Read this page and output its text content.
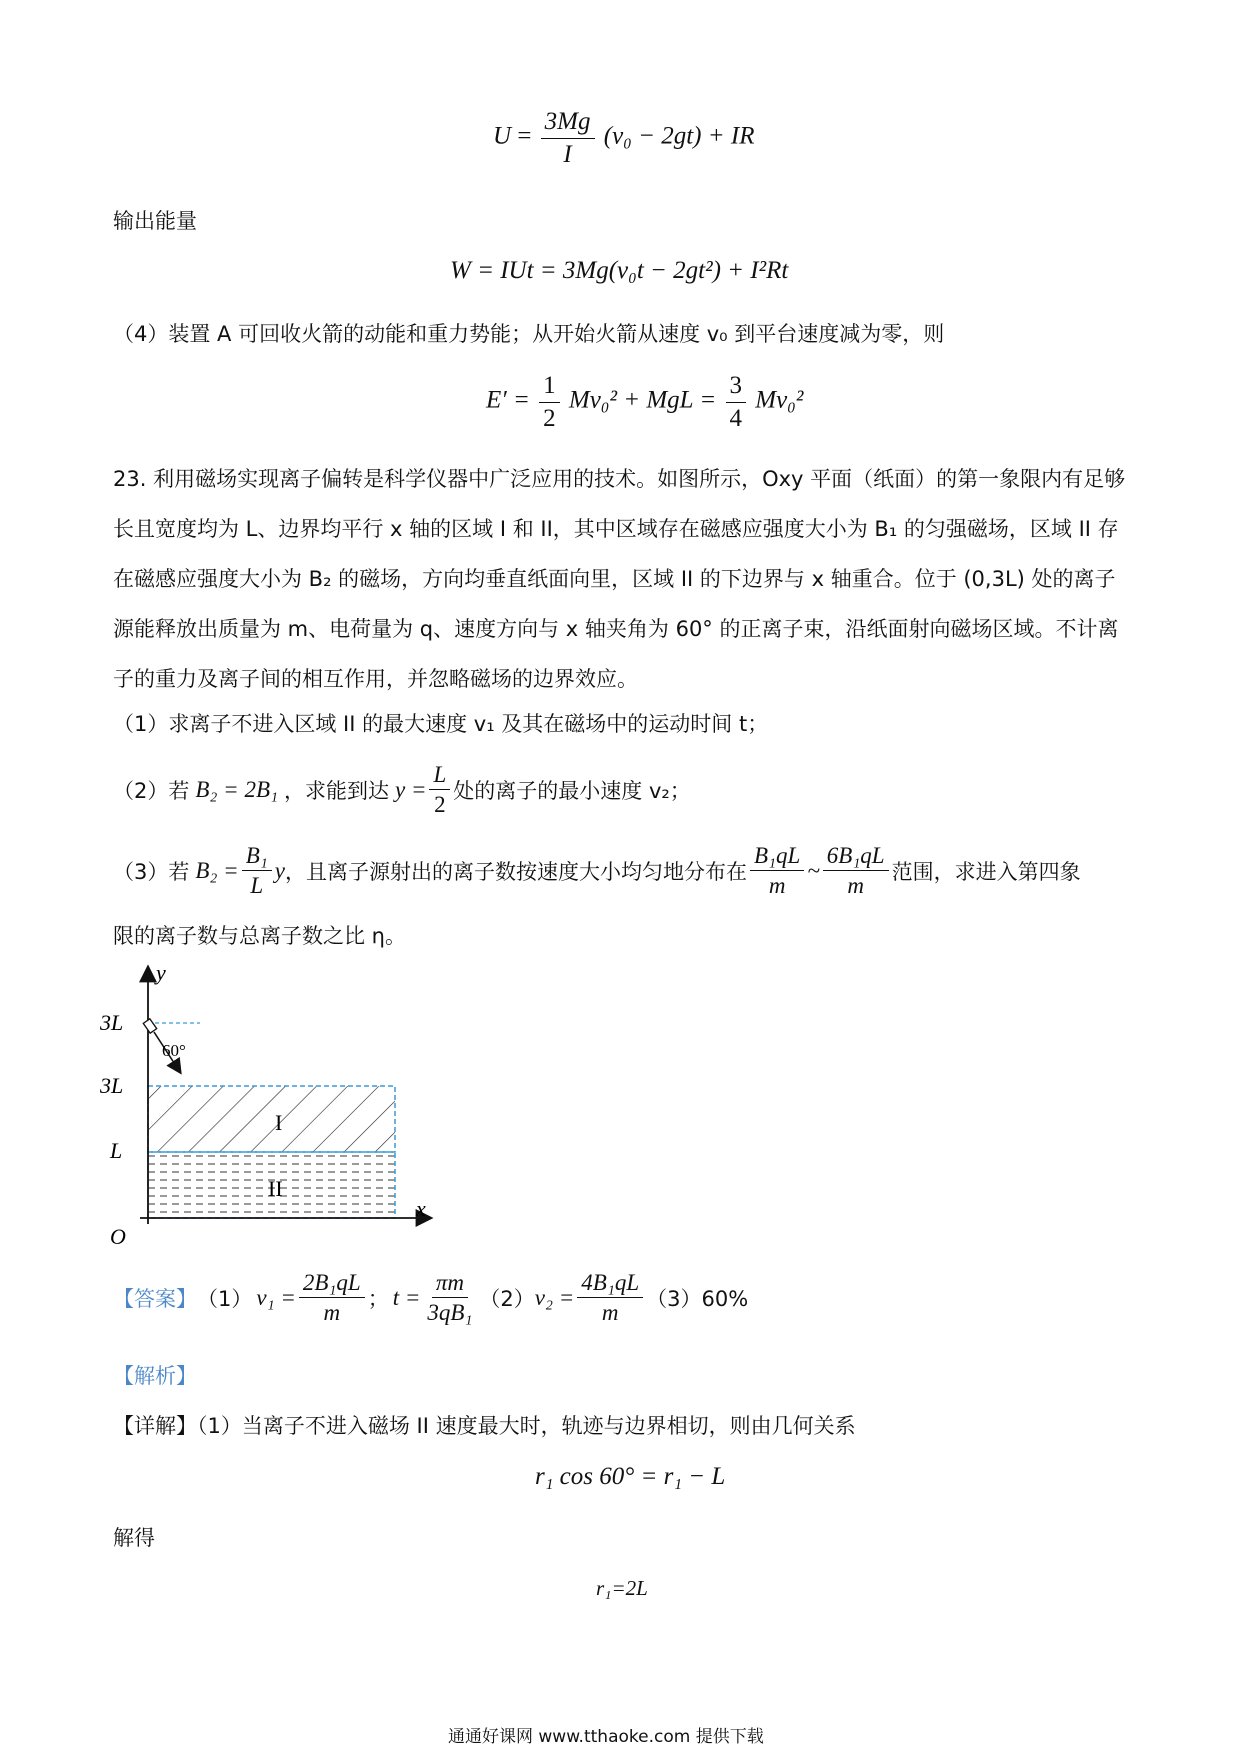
$U = \frac{3Mg}{I} (v_0 - 2gt)$ + IR
输出能量
W = IUt = 3Mg(v₀t − 2gt²) + I²Rt
（4）装置 A 可回收火箭的动能和重力势能；从开始火箭从速度 v₀ 到平台速度减为零，则
$E' = \frac{1}{2} Mv_0^2$ + MgL = $\frac{3}{4} Mv_0^2$
23. 利用磁场实现离子偏转是科学仪器中广泛应用的技术。如图所示，Oxy 平面（纸面）的第一象限内有足够长且宽度均为 L、边界均平行 x 轴的区域 I 和 II，其中区域存在磁感应强度大小为 B₁ 的匀强磁场，区域 II 存在磁感应强度大小为 B₂ 的磁场，方向均垂直纸面向里，区域 II 的下边界与 x 轴重合。位于 (0,3L) 处的离子源能释放出质量为 m、电荷量为 q、速度方向与 x 轴夹角为 60° 的正离子束，沿纸面射向磁场区域。不计离子的重力及离子间的相互作用，并忽略磁场的边界效应。
（1）求离子不进入区域 II 的最大速度 v₁ 及其在磁场中的运动时间 t；
（2）若 B₂ = 2B₁ ，求能到达 $y = \frac{L}{2}$ 处的离子的最小速度 v₂；
（3）若 $B_2 = \frac{\text{B₁}}{L}$ y ，且离子源射出的离子数按速度大小均匀地分布在 $\frac{\text{B₁qL}}{m}$ ~ $\frac{\text{6B₁qL}}{m}$ 范围，求进入第四象
限的离子数与总离子数之比 η。
y
x
O
3L
3L
L
60°
I
II
【答案】 （1） $v_1 = \frac{\text{2B₁qL}}{m}$ ； $t = \frac{\pi m}{\text{3qB₁}} (2) v_2 = \frac{\text{4B₁qL}}{m} (3)60\%$
【解析】
【详解】（1）当离子不进入磁场 II 速度最大时，轨迹与边界相切，则由几何关系
r₁ cos 60° = r₁ − L
解得
r₁=2L
通通好课网 www.tthaoke.com 提供下载
